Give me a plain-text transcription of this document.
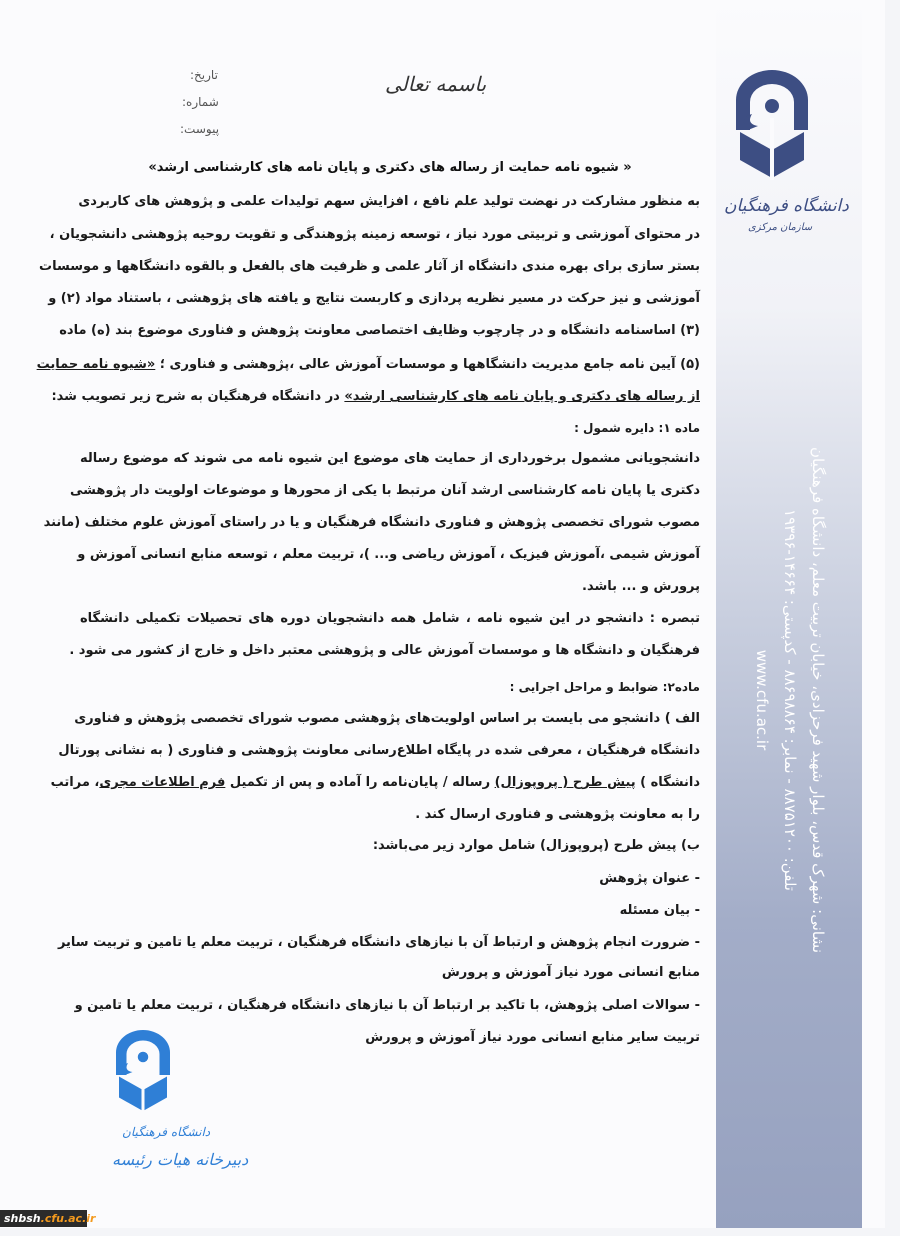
دانشگاه فرهنگیان
سازمان مرکزی
نشانی: شهرک قدس، بلوار شهید فرحزادی، خیابان تربیت معلم، دانشگاه فرهنگیان
تلفن: ۸۸۷۵۱۲۰۰ - نمابر: ۸۸۶۹۸۸۶۴ - کدپستی: ۱۴۶۶۴-۱۹۳۹۶
www.cfu.ac.ir
باسمه تعالی
تاریخ:
شماره:
پیوست:
« شیوه نامه حمایت از رساله های دکتری و پایان نامه های کارشناسی ارشد»
به منظور مشارکت در نهضت تولید علم نافع ، افزایش سهم تولیدات علمی و پژوهش های کاربردی
در محتوای آموزشی و تربیتی مورد نیاز ، توسعه زمینه پژوهندگی و تقویت روحیه پژوهشی دانشجویان ،
بستر سازی برای بهره مندی دانشگاه از آثار علمی و ظرفیت های بالفعل و بالقوه دانشگاهها و موسسات
آموزشی و نیز حرکت در مسیر نظریه پردازی و کاربست نتایج و یافته های پژوهشی ، باستناد مواد (۲) و
(۳) اساسنامه دانشگاه و در چارچوب وظایف اختصاصی معاونت پژوهش و فناوری موضوع بند (ه) ماده
(۵) آیین نامه جامع مدیریت دانشگاهها و موسسات آموزش عالی ،پژوهشی و فناوری ؛ «شیوه نامه حمایت
از رساله های دکتری و پایان نامه های کارشناسی ارشد» در دانشگاه فرهنگیان به شرح زیر تصویب شد:
ماده ۱: دایره شمول :
دانشجویانی مشمول برخورداری از حمایت های موضوع این شیوه نامه می شوند که موضوع رساله
دکتری یا پایان نامه کارشناسی ارشد آنان مرتبط با یکی از محورها و موضوعات اولویت دار پژوهشی
مصوب شورای تخصصی پژوهش و فناوری دانشگاه فرهنگیان و یا در راستای آموزش علوم مختلف (مانند
آموزش شیمی ،آموزش فیزیک ، آموزش ریاضی و... )، تربیت معلم ، توسعه منابع انسانی آموزش و
پرورش و ... باشد.
تبصره : دانشجو در این شیوه نامه ، شامل همه دانشجویان دوره های تحصیلات تکمیلی دانشگاه
فرهنگیان و دانشگاه ها و موسسات آموزش عالی و پژوهشی معتبر داخل و خارج از کشور می شود .
ماده۲: ضوابط و مراحل اجرایی :
الف ) دانشجو می بایست بر اساس اولویت‌های پژوهشی مصوب شورای تخصصی پژوهش و فناوری
دانشگاه فرهنگیان ، معرفی شده در پایگاه اطلاع‌رسانی معاونت پژوهشی و فناوری ( به نشانی پورتال
دانشگاه ) پیش طرح ( پروپوزال) رساله / پایان‌نامه را آماده و پس از تکمیل فرم اطلاعات مجری، مراتب
را به معاونت پژوهشی و فناوری ارسال کند .
ب) پیش طرح (پروپوزال) شامل موارد زیر می‌باشد:
- عنوان پژوهش
- بیان مسئله
- ضرورت انجام پژوهش و ارتباط آن با نیازهای دانشگاه فرهنگیان ، تربیت معلم یا تامین و تربیت سایر
منابع انسانی مورد نیاز آموزش و پرورش
- سوالات اصلی پژوهش، با تاکید بر ارتباط آن با نیازهای دانشگاه فرهنگیان ، تربیت معلم یا تامین و
تربیت سایر منابع انسانی مورد نیاز آموزش و پرورش
دانشگاه فرهنگیان
دبیرخانه هیات رئیسه
shbsh.cfu.ac.ir
